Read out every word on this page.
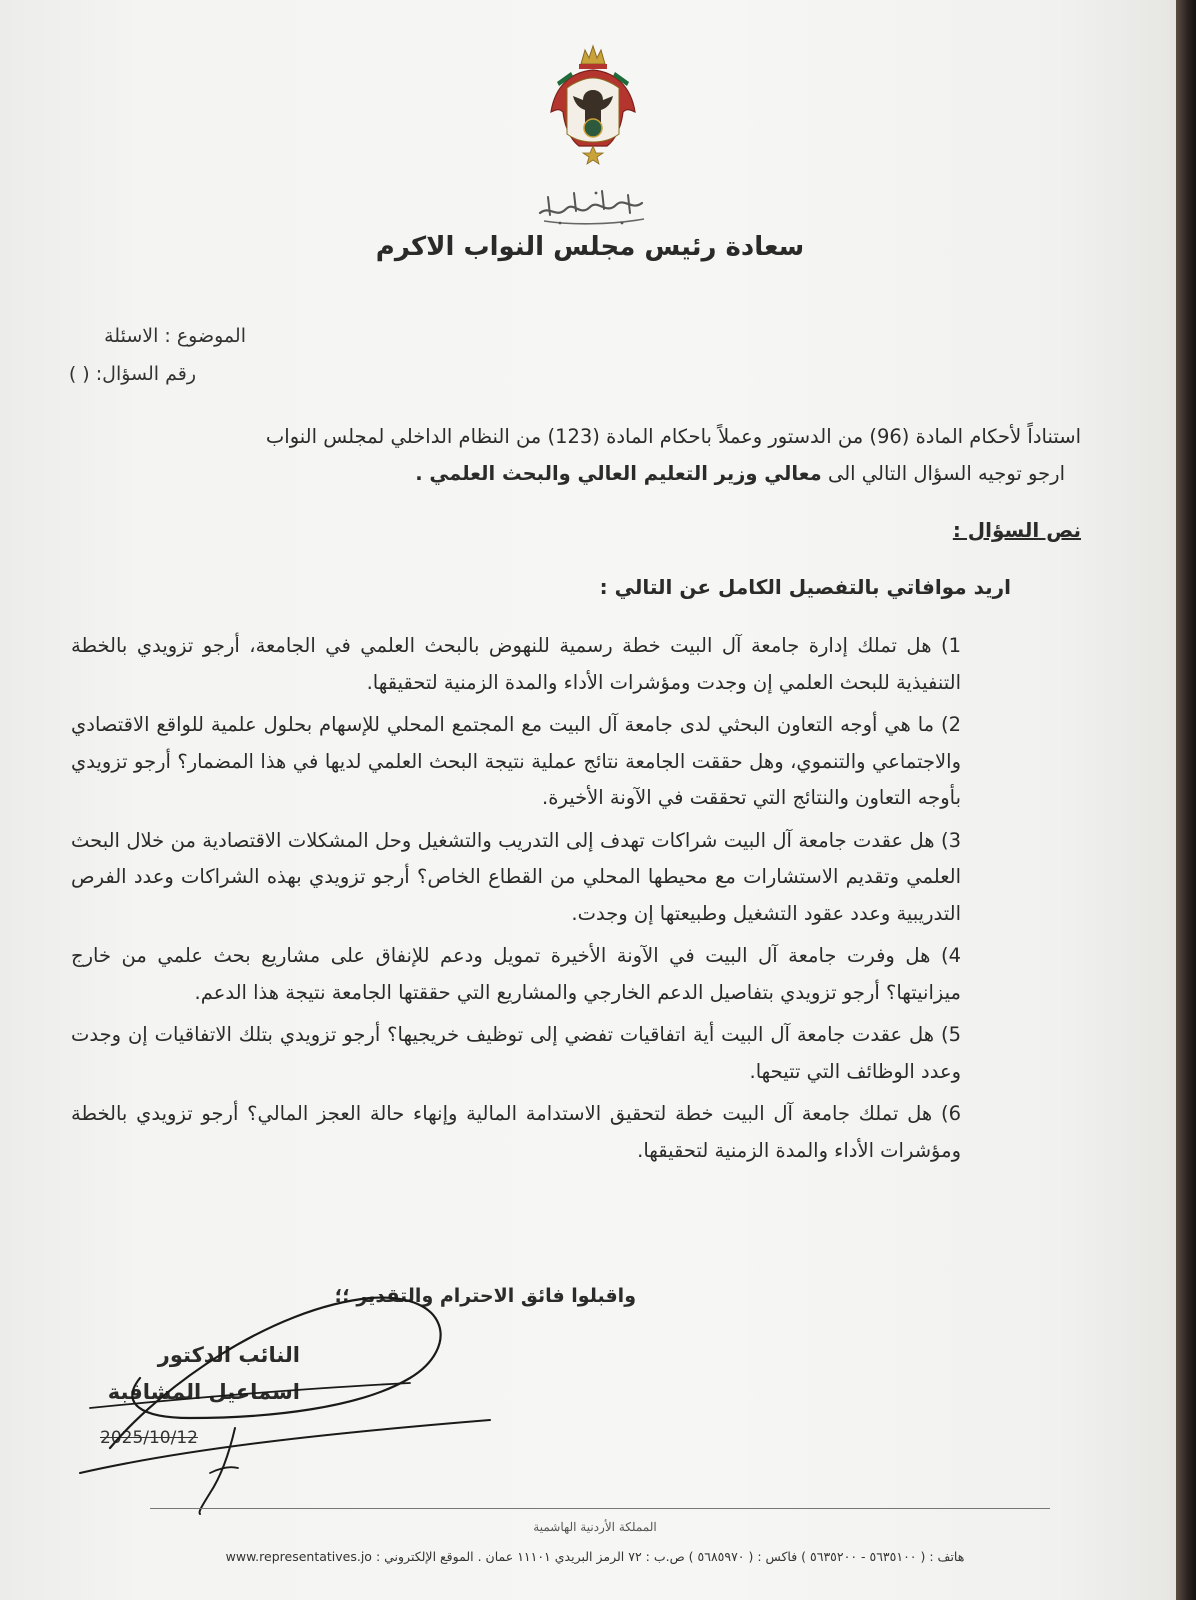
سعادة رئيس مجلس النواب الاكرم
الموضوع : الاسئلة
رقم السؤال: ( )
استناداً لأحكام المادة (96) من الدستور وعملاً باحكام المادة (123) من النظام الداخلي لمجلس النواب
ارجو توجيه السؤال التالي الى معالي وزير التعليم العالي والبحث العلمي .
نص السؤال :
اريد موافاتي بالتفصيل الكامل عن التالي :
1) هل تملك إدارة جامعة آل البيت خطة رسمية للنهوض بالبحث العلمي في الجامعة، أرجو تزويدي بالخطة التنفيذية للبحث العلمي إن وجدت ومؤشرات الأداء والمدة الزمنية لتحقيقها.
2) ما هي أوجه التعاون البحثي لدى جامعة آل البيت مع المجتمع المحلي للإسهام بحلول علمية للواقع الاقتصادي والاجتماعي والتنموي، وهل حققت الجامعة نتائج عملية نتيجة البحث العلمي لديها في هذا المضمار؟ أرجو تزويدي بأوجه التعاون والنتائج التي تحققت في الآونة الأخيرة.
3) هل عقدت جامعة آل البيت شراكات تهدف إلى التدريب والتشغيل وحل المشكلات الاقتصادية من خلال البحث العلمي وتقديم الاستشارات مع محيطها المحلي من القطاع الخاص؟ أرجو تزويدي بهذه الشراكات وعدد الفرص التدريبية وعدد عقود التشغيل وطبيعتها إن وجدت.
4) هل وفرت جامعة آل البيت في الآونة الأخيرة تمويل ودعم للإنفاق على مشاريع بحث علمي من خارج ميزانيتها؟ أرجو تزويدي بتفاصيل الدعم الخارجي والمشاريع التي حققتها الجامعة نتيجة هذا الدعم.
5) هل عقدت جامعة آل البيت أية اتفاقيات تفضي إلى توظيف خريجيها؟ أرجو تزويدي بتلك الاتفاقيات إن وجدت وعدد الوظائف التي تتيحها.
6) هل تملك جامعة آل البيت خطة لتحقيق الاستدامة المالية وإنهاء حالة العجز المالي؟ أرجو تزويدي بالخطة ومؤشرات الأداء والمدة الزمنية لتحقيقها.
واقبلوا فائق الاحترام والتقدير ؛؛
النائب الدكتور
اسماعيل المشاقبة
2025/10/12
المملكة الأردنية الهاشمية
هاتف : ( ٥٦٣٥١٠٠ - ٥٦٣٥٢٠٠ ) فاكس : ( ٥٦٨٥٩٧٠ ) ص.ب : ٧٢ الرمز البريدي ١١١٠١ عمان . الموقع الإلكتروني : www.representatives.jo
